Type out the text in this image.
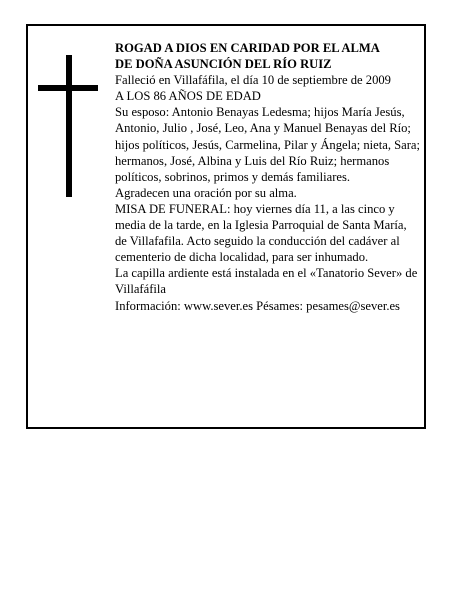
ROGAD A DIOS EN CARIDAD POR EL ALMA

DE DOÑA ASUNCIÓN DEL RÍO RUIZ

Falleció en Villafáfila, el día 10 de septiembre de 2009

A LOS 86 AÑOS DE EDAD

Su esposo: Antonio Benayas Ledesma; hijos María Jesús, Antonio, Julio , José, Leo, Ana y Manuel Benayas del Río; hijos políticos, Jesús, Carmelina, Pilar y Ángela; nieta, Sara; hermanos, José, Albina y Luis del Río Ruiz; hermanos políticos, sobrinos, primos y demás familiares.

Agradecen una oración por su alma.

MISA DE FUNERAL: hoy viernes día 11, a las cinco y media de la tarde, en la Iglesia Parroquial de Santa María, de Villafafila. Acto seguido la conducción del cadáver al cementerio de dicha localidad, para ser inhumado.

La capilla ardiente está instalada en el «Tanatorio Sever» de Villafáfila

Información: www.sever.es Pésames: pesames@sever.es
